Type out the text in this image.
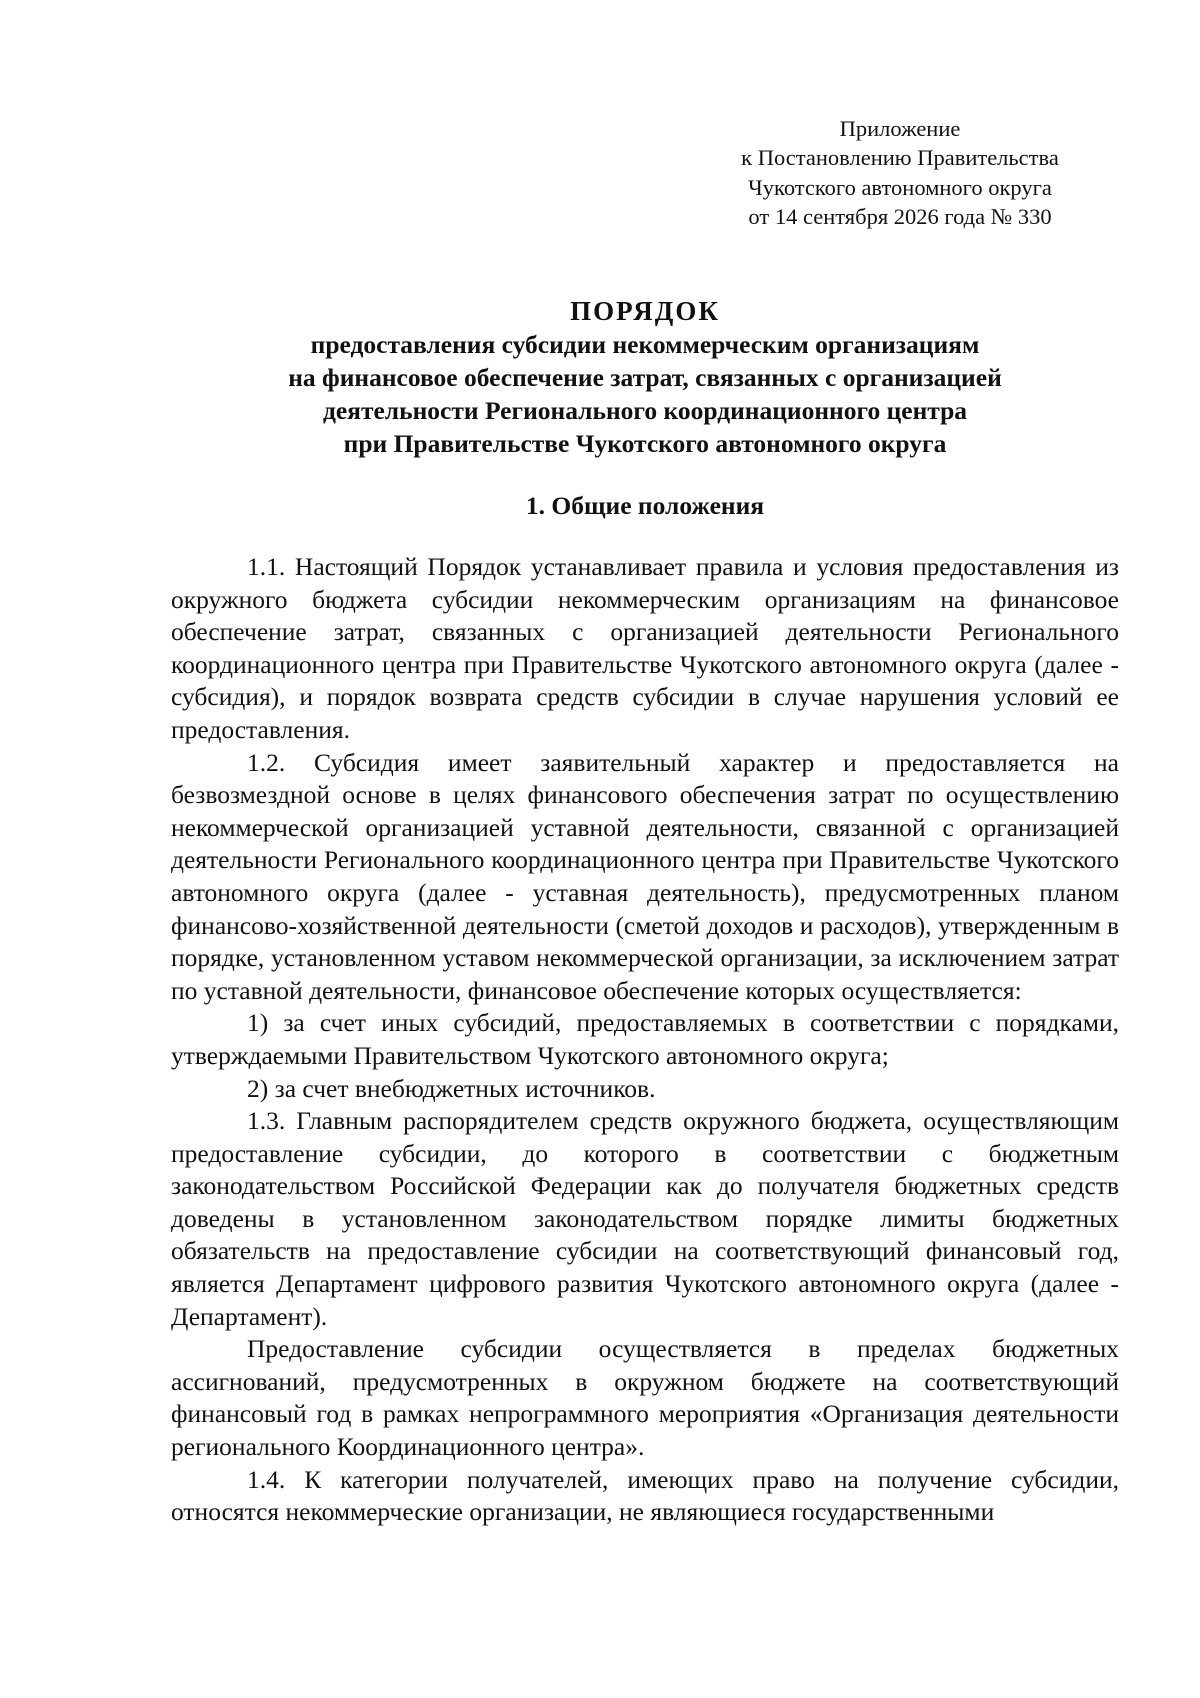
Приложение
к Постановлению Правительства
Чукотского автономного округа
от 14 сентября 2026 года № 330
ПОРЯДОК
предоставления субсидии некоммерческим организациям
на финансовое обеспечение затрат, связанных с организацией
деятельности Регионального координационного центра
при Правительстве Чукотского автономного округа
1. Общие положения

1.1. Настоящий Порядок устанавливает правила и условия предоставления из окружного бюджета субсидии некоммерческим организациям на финансовое обеспечение затрат, связанных с организацией деятельности Регионального координационного центра при Правительстве Чукотского автономного округа (далее - субсидия), и порядок возврата средств субсидии в случае нарушения условий ее предоставления.

1.2. Субсидия имеет заявительный характер и предоставляется на безвозмездной основе в целях финансового обеспечения затрат по осуществлению некоммерческой организацией уставной деятельности, связанной с организацией деятельности Регионального координационного центра при Правительстве Чукотского автономного округа (далее - уставная деятельность), предусмотренных планом финансово-хозяйственной деятельности (сметой доходов и расходов), утвержденным в порядке, установленном уставом некоммерческой организации, за исключением затрат по уставной деятельности, финансовое обеспечение которых осуществляется:

1) за счет иных субсидий, предоставляемых в соответствии с порядками, утверждаемыми Правительством Чукотского автономного округа;

2) за счет внебюджетных источников.

1.3. Главным распорядителем средств окружного бюджета, осуществляющим предоставление субсидии, до которого в соответствии с бюджетным законодательством Российской Федерации как до получателя бюджетных средств доведены в установленном законодательством порядке лимиты бюджетных обязательств на предоставление субсидии на соответствующий финансовый год, является Департамент цифрового развития Чукотского автономного округа (далее - Департамент).

Предоставление субсидии осуществляется в пределах бюджетных ассигнований, предусмотренных в окружном бюджете на соответствующий финансовый год в рамках непрограммного мероприятия «Организация деятельности регионального Координационного центра».

1.4. К категории получателей, имеющих право на получение субсидии, относятся некоммерческие организации, не являющиеся государственными
